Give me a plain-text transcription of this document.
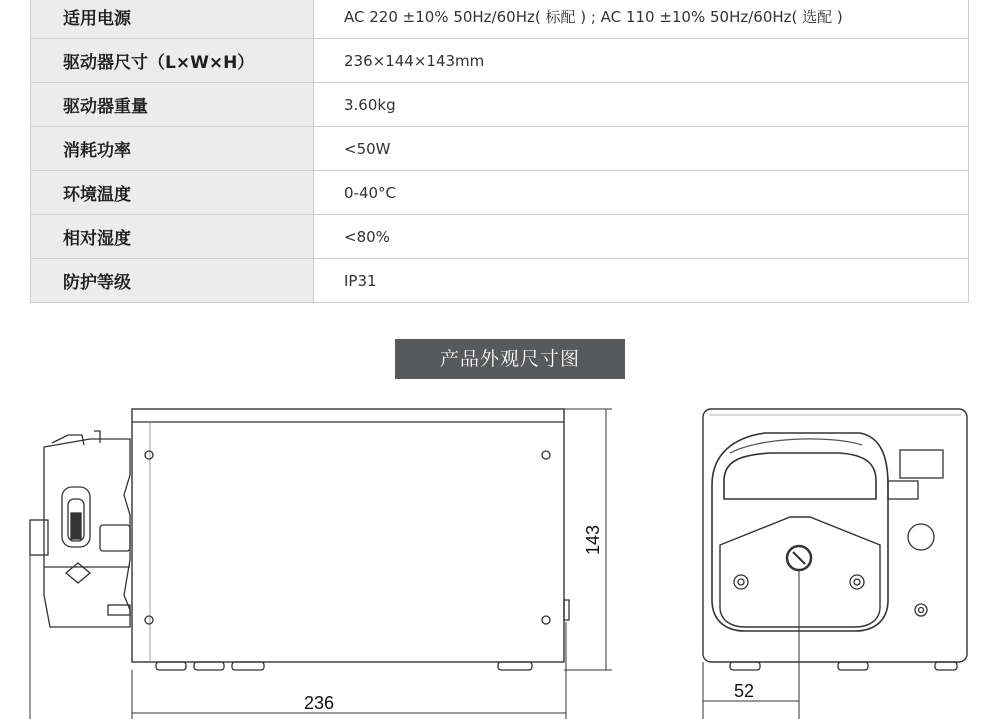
适用电源	AC 220 ±10% 50Hz/60Hz( 标配 ) ; AC 110 ±10% 50Hz/60Hz( 选配 )
驱动器尺寸（L×W×H）	236×144×143mm
驱动器重量	3.60kg
消耗功率	<50W
环境温度	0-40°C
相对湿度	<80%
防护等级	IP31
产品外观尺寸图
143
236
52
